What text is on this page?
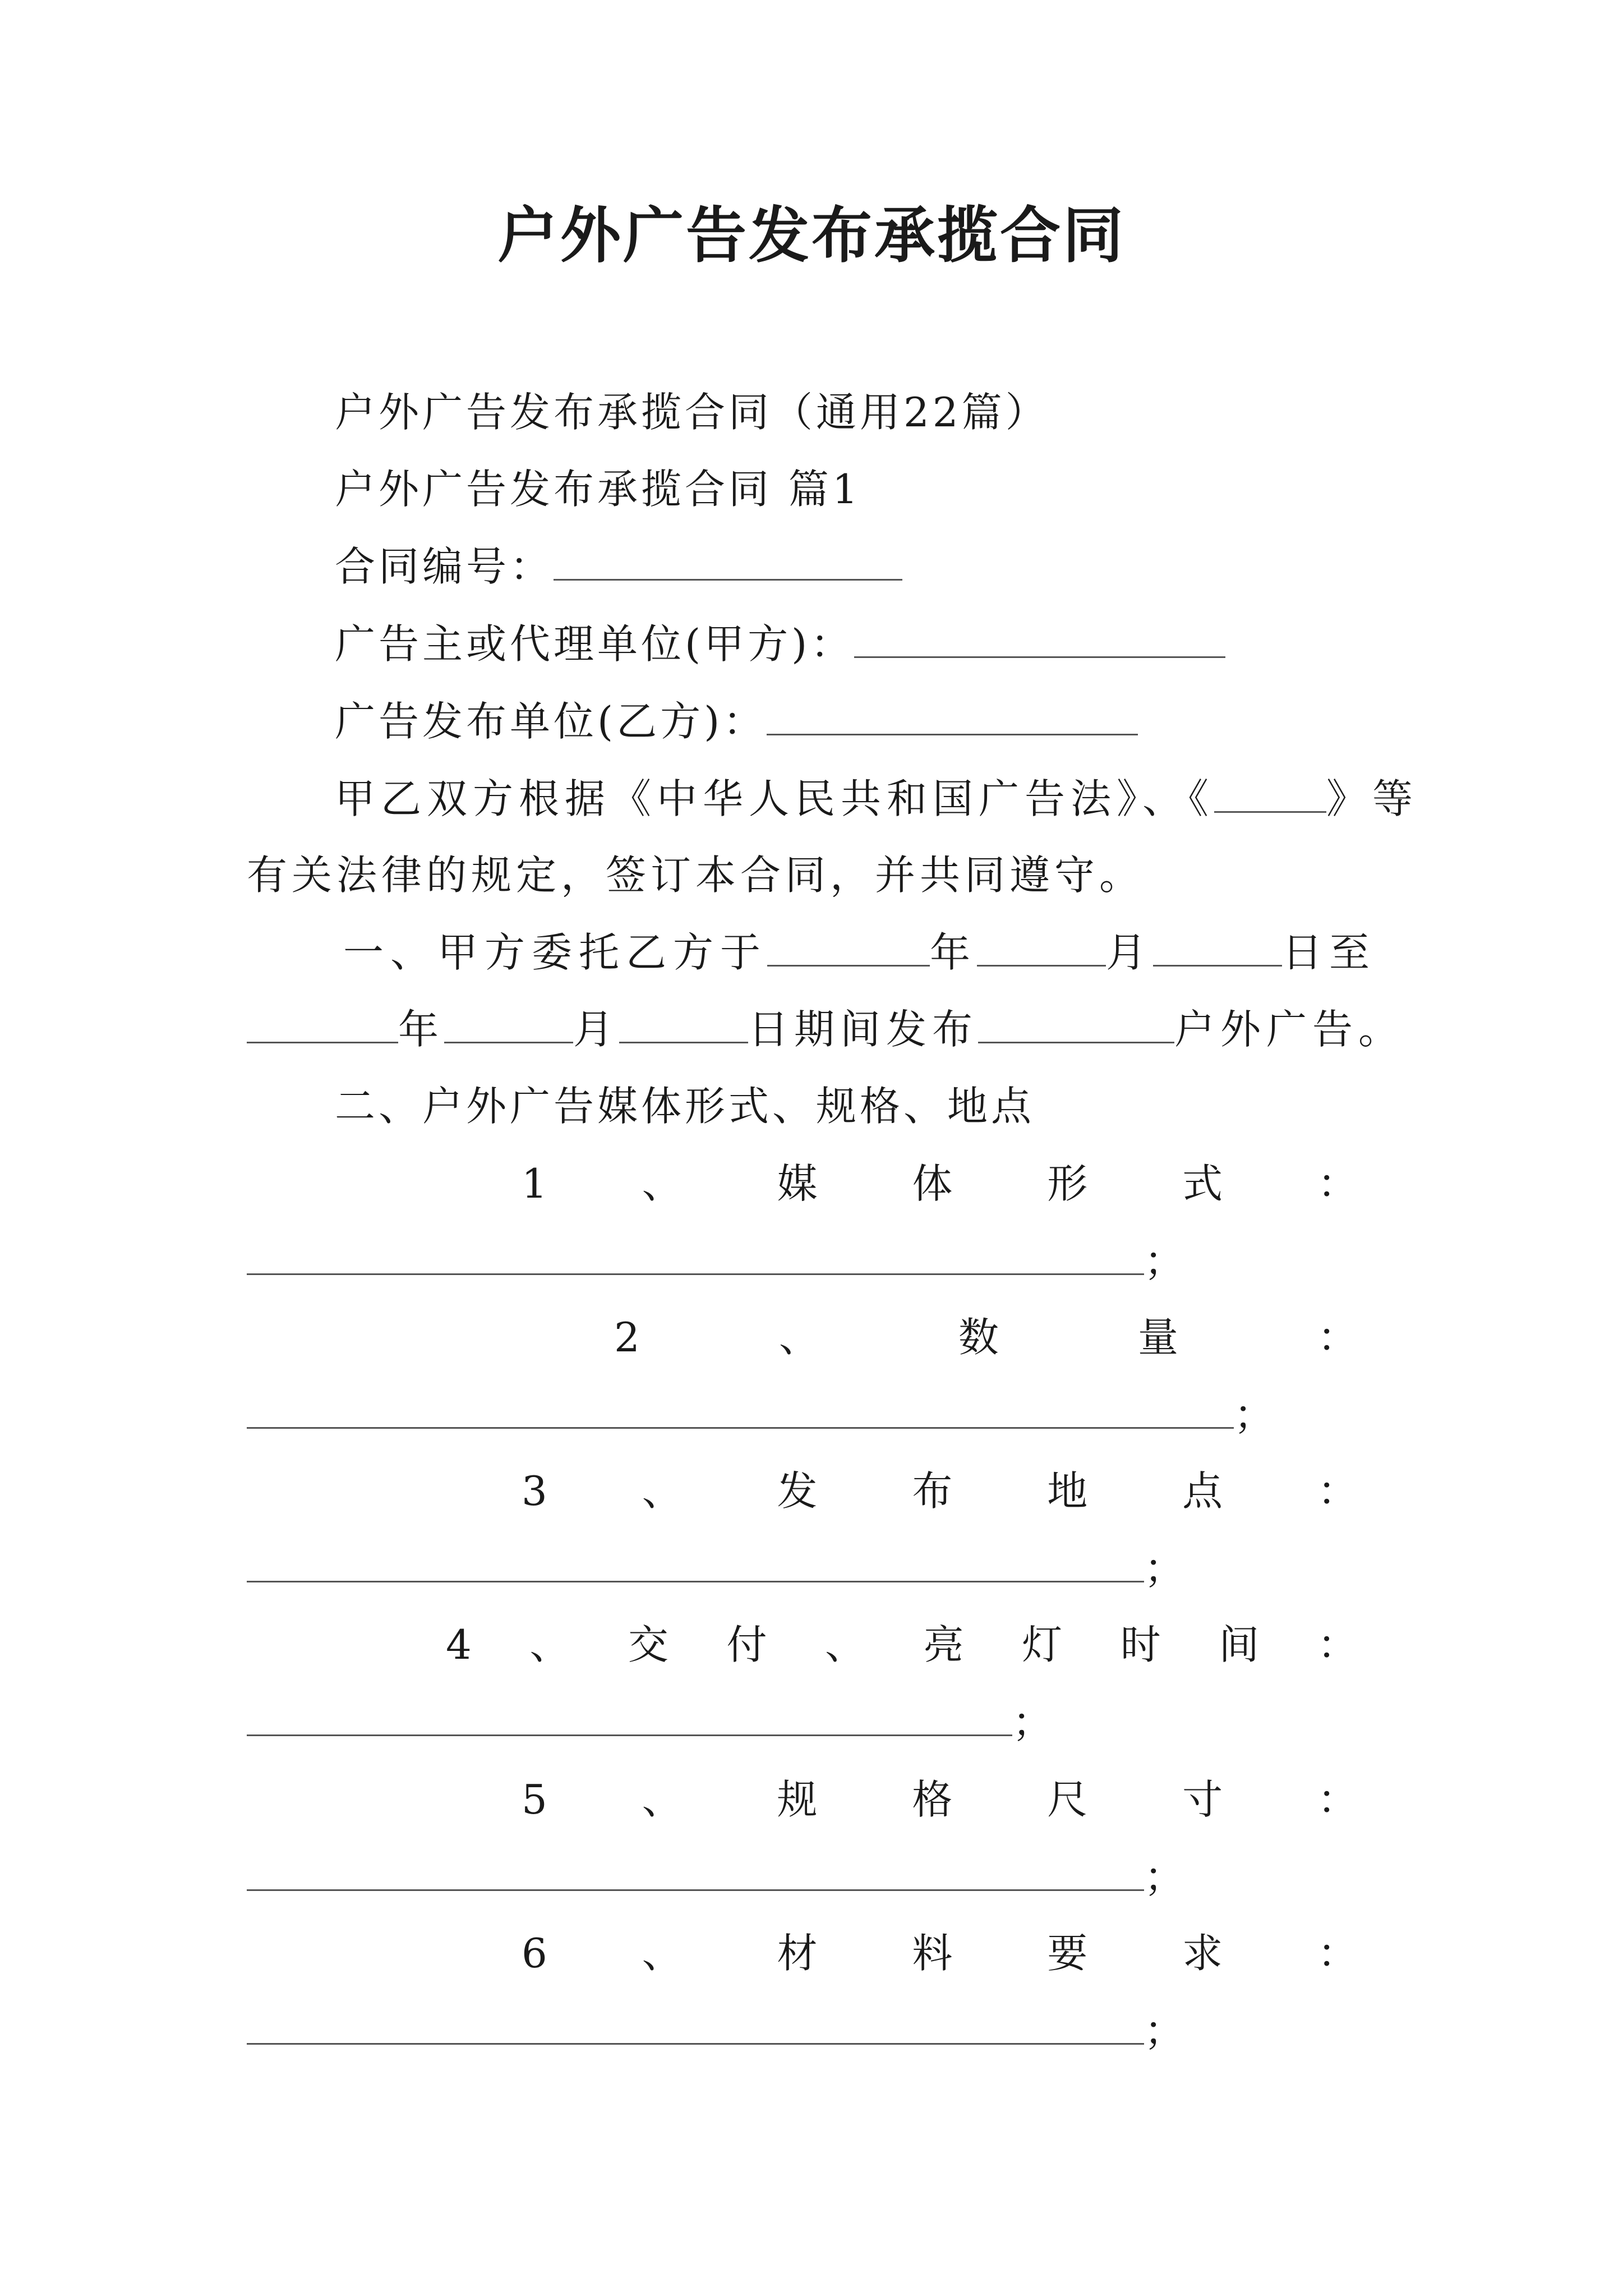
户外广告发布承揽合同
户外广告发布承揽合同（通用22篇）
户外广告发布承揽合同 篇1
合同编号：
广告主或代理单位(甲方)：
广告发布单位(乙方)：
甲乙双方根据《中华人民共和国广告法》、《	》等
有关法律的规定，签订本合同，并共同遵守。
一、甲方委托乙方于	年	月	日至
年	月	日期间发布	户外广告。
二、户外广告媒体形式、规格、地点
1 、 媒 体 形 式 ：
；
2	、	数	量	：
；
3 、 发 布 地 点 ：
；
4 、 交 付 、 亮 灯 时 间 ：
；
5 、 规 格 尺 寸 ：
；
6 、 材 料 要 求 ：
；
